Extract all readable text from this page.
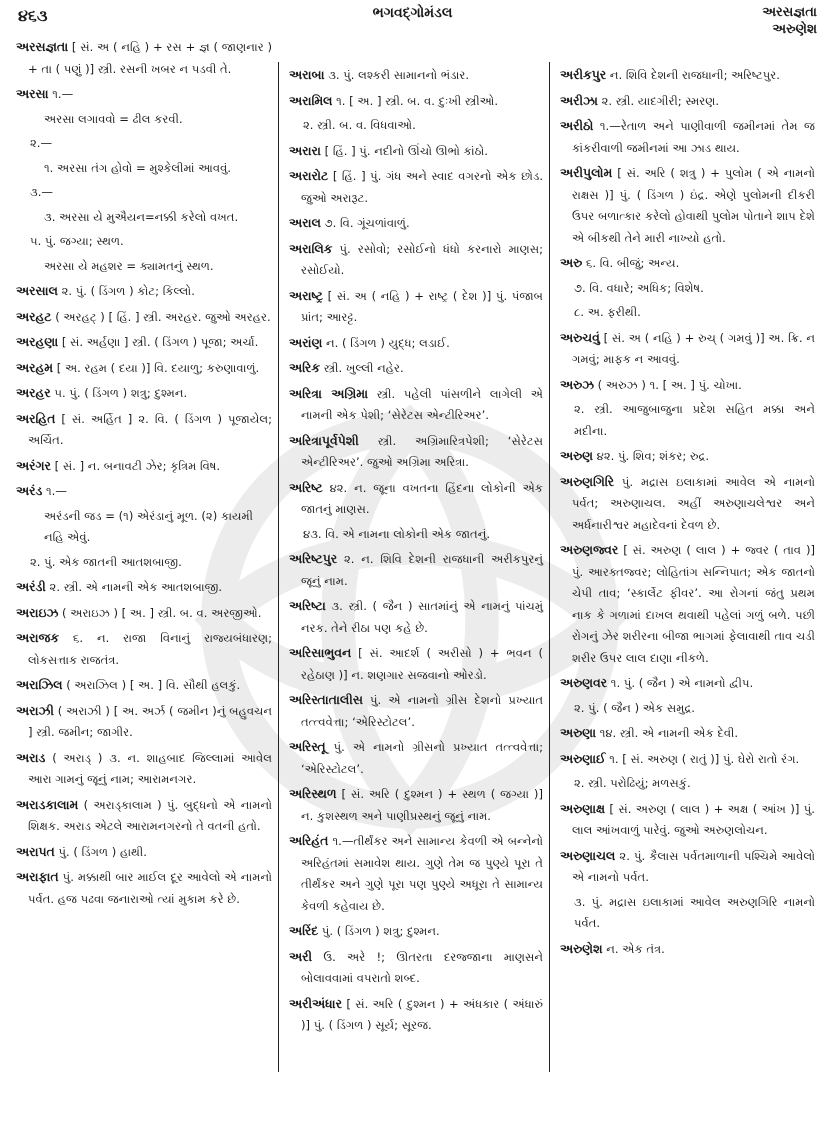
૪૬૩	ભગવદ્ગોમંડલ	અરસજ્ઞતા
અરુણેશ

અરસજ્ઞતા [ સં. અ ( નહિ ) + રસ + જ્ઞ ( જાણનાર ) + તા ( પણું )] સ્ત્રી. રસની ખબર ન પડવી તે.

અરસા ૧.—

અરસા લગાવવો = ઢીલ કરવી.

૨.—

૧. અરસા તંગ હોવો = મુશ્કેલીમાં આવવું.

૩.—

૩. અરસા યે મુઐયન=નક્કી કરેલો વખત.

૫. પું. જગ્યા; સ્થળ.

અરસા યે મહશર = ક્યામતનું સ્થળ.

અરસાલ ૨. પું. ( ડિંગળ ) કોટ; કિલ્લો.

અરહટ ( અરહટ્ ) [ હિં. ] સ્ત્રી. અરહર. જુઓ અરહર.

અરહણા [ સં. અર્હણા ] સ્ત્રી. ( ડિંગળ ) પૂજા; અર્ચા.

અરહમ [ અ. રહમ ( દયા )] વિ. દયાળુ; કરુણાવાળું.

અરહર ૫. પું. ( ડિંગળ ) શત્રુ; દુશ્મન.

અરહિત [ સં. અર્હિત ] ૨. વિ. ( ડિંગળ ) પૂજાયેલ; અર્ચિત.

અરંગર [ સં. ] ન. બનાવટી ઝેર; કૃત્રિમ વિષ.

અરંડ ૧.—

અરંડની જડ = (૧) એરંડાનું મૂળ. (૨) કાયમી નહિ એવું.

૨. પું. એક જાતની આતશબાજી.

અરંડી ૨. સ્ત્રી. એ નામની એક આતશબાજી.

અરાઇઝ ( અરાઇઝ ) [ અ. ] સ્ત્રી. બ. વ. અરજીઓ.

અરાજક ૬. ન. રાજા વિનાનું રાજ્યબંધારણ; લોકસત્તાક રાજતંત્ર.

અરાઝિલ ( અરાઝિલ ) [ અ. ] વિ. સૌથી હલકું.

અરાઝી ( અરાઝી ) [ અ. અર્ઝ ( જમીન )નું બહુવચન ] સ્ત્રી. જમીન; જાગીર.

અરાડ ( અરાડ્ ) ૩. ન. શાહબાદ જિલ્લામાં આવેલ આરા ગામનું જૂનું નામ; આરામનગર.

અરાડકાલામ ( અરાડ્કાલામ ) પું. બુદ્ધનો એ નામનો શિક્ષક. અરાડ એટલે આરામનગરનો તે વતની હતો.

અરાપત પું. ( ડિંગળ ) હાથી.

અરાફાત પું. મક્કાથી બાર માઈલ દૂર આવેલો એ નામનો પર્વત. હજ પઢવા જનારાઓ ત્યાં મુકામ કરે છે.

અરાબા ૩. પું. લશ્કરી સામાનનો ભંડાર.

અરામિલ ૧. [ અ. ] સ્ત્રી. બ. વ. દુઃખી સ્ત્રીઓ.

૨. સ્ત્રી. બ. વ. વિધવાઓ.

અરારા [ હિં. ] પું. નદીનો ઊંચો ઊભો કાંઠો.

અરારોટ [ હિં. ] પું. ગંધ અને સ્વાદ વગરનો એક છોડ. જુઓ અરારૂટ.

અરાલ ૭. વિ. ગૂંચળાંવાળું.

અરાલિક પું. રસોવો; રસોઈનો ધંધો કરનારો માણસ; રસોઈયો.

અરાષ્ટ્ર [ સં. અ ( નહિ ) + રાષ્ટ્ર ( દેશ )] પું. પંજાબ પ્રાંત; આરટ્ટ.

અરાંણ ન. ( ડિંગળ ) યુદ્ધ; લડાઈ.

અરિક સ્ત્રી. ખુલ્લી નહેર.

અરિત્રા અગ્રિમા સ્ત્રી. પહેલી પાંસળીને લાગેલી એ નામની એક પેશી; ‘સેરેટસ એન્ટીરિઅર’.

અરિત્રાપૂર્વપેશી સ્ત્રી. અગ્રિમારિત્રપેશી; ‘સેરેટસ એન્ટીરિઅર’. જુઓ અગ્રિમા અરિત્રા.

અરિષ્ટ ૪૨. ન. જૂના વખતના હિંદના લોકોની એક જાતનું માણસ.

૪૩. વિ. એ નામના લોકોની એક જાતનું.

અરિષ્ટપુર ૨. ન. શિવિ દેશની રાજધાની અરીકપુરનું જૂનું નામ.

અરિષ્ટા ૩. સ્ત્રી. ( જૈન ) સાતમાંનું એ નામનું પાંચમું નરક. તેને રીઠા પણ કહે છે.

અરિસાભુવન [ સં. આદર્શ ( અરીસો ) + ભવન ( રહેઠાણ )] ન. શણગાર સજવાનો ઓરડો.

અરિસ્તાતાલીસ પું. એ નામનો ગ્રીસ દેશનો પ્રખ્યાત તત્ત્વવેત્તા; ‘એરિસ્ટોટલ’.

અરિસ્તૂ પું. એ નામનો ગ્રીસનો પ્રખ્યાત તત્ત્વવેત્તા; ‘એરિસ્ટોટલ’.

અરિસ્થળ [ સં. અરિ ( દુશ્મન ) + સ્થળ ( જગ્યા )] ન. કુશસ્થળ અને પાણીપ્રસ્થનું જૂનું નામ.

અરિહંત ૧.—તીર્થંકર અને સામાન્ય કેવળી એ બન્નેનો અરિહંતમાં સમાવેશ થાય. ગુણે તેમ જ પુણ્યે પૂરા તે તીર્થંકર અને ગુણે પૂરા પણ પુણ્યે અધૂરા તે સામાન્ય કેવળી કહેવાય છે.

અરિંદ પું. ( ડિંગળ ) શત્રુ; દુશ્મન.

અરી ઉ. અરે !; ઊતરતા દરજ્જાના માણસને બોલાવવામાં વપરાતો શબ્દ.

અરીઅંધાર [ સં. અરિ ( દુશ્મન ) + અંધકાર ( અંધારું )] પું. ( ડિંગળ ) સૂર્ય; સૂરજ.

અરીકપુર ન. શિવિ દેશની રાજધાની; અરિષ્ટપુર.

અરીઝા ૨. સ્ત્રી. યાદગીરી; સ્મરણ.

અરીઠો ૧.—રેતાળ અને પાણીવાળી જમીનમાં તેમ જ કાંકરીવાળી જમીનમાં આ ઝાડ થાય.

અરીપુલોમ [ સં. અરિ ( શત્રુ ) + પુલોમ ( એ નામનો રાક્ષસ )] પું. ( ડિંગળ ) ઇંદ્ર. એણે પુલોમની દીકરી ઉપર બળાત્કાર કરેલો હોવાથી પુલોમ પોતાને શાપ દેશે એ બીકથી તેને મારી નાખ્યો હતો.

અરુ ૬. વિ. બીજું; અન્ય.

૭. વિ. વધારે; અધિક; વિશેષ.

૮. અ. ફરીથી.

અરુચવું [ સં. અ ( નહિ ) + રુચ્ ( ગમવું )] અ. ક્રિ. ન ગમવું; માફક ન આવવું.

અરુઝ ( અરુઝ ) ૧. [ અ. ] પું. ચોખા.

૨. સ્ત્રી. આજુબાજુના પ્રદેશ સહિત મક્કા અને મદીના.

અરુણ ૪૨. પું. શિવ; શંકર; રુદ્ર.

અરુણગિરિ પું. મદ્રાસ ઇલાકામાં આવેલ એ નામનો પર્વત; અરુણાચલ. અહીં અરુણાચલેશ્વર અને અર્ધનારીશ્વર મહાદેવનાં દેવળ છે.

અરુણજ્વર [ સં. અરુણ ( લાલ ) + જ્વર ( તાવ )] પું. આરક્તજ્વર; લોહિતાંગ સન્નિપાત; એક જાતનો ચેપી તાવ; ‘સ્કાર્લેટ ફીવર’. આ રોગનાં જંતુ પ્રથમ નાક કે ગળામાં દાખલ થવાથી પહેલાં ગળું બળે. પછી રોગનું ઝેર શરીરના બીજા ભાગમાં ફેલાવાથી તાવ ચડી શરીર ઉપર લાલ દાણા નીકળે.

અરુણવર ૧. પું. ( જૈન ) એ નામનો દ્વીપ.

૨. પું. ( જૈન ) એક સમુદ્ર.

અરુણા ૧૪. સ્ત્રી. એ નામની એક દેવી.

અરુણાઈ ૧. [ સં. અરુણ ( રાતું )] પું. ઘેરો રાતો રંગ.

૨. સ્ત્રી. પરોઢિયું; મળસકું.

અરુણાક્ષ [ સં. અરુણ ( લાલ ) + અક્ષ ( આંખ )] પું. લાલ આંખવાળું પારેવું. જુઓ અરુણલોચન.

અરુણાચલ ૨. પું. કૈલાસ પર્વતમાળાની પશ્ચિમે આવેલો એ નામનો પર્વત.

૩. પું. મદ્રાસ ઇલાકામાં આવેલ અરુણગિરિ નામનો પર્વત.

અરુણેશ ન. એક તંત્ર.
